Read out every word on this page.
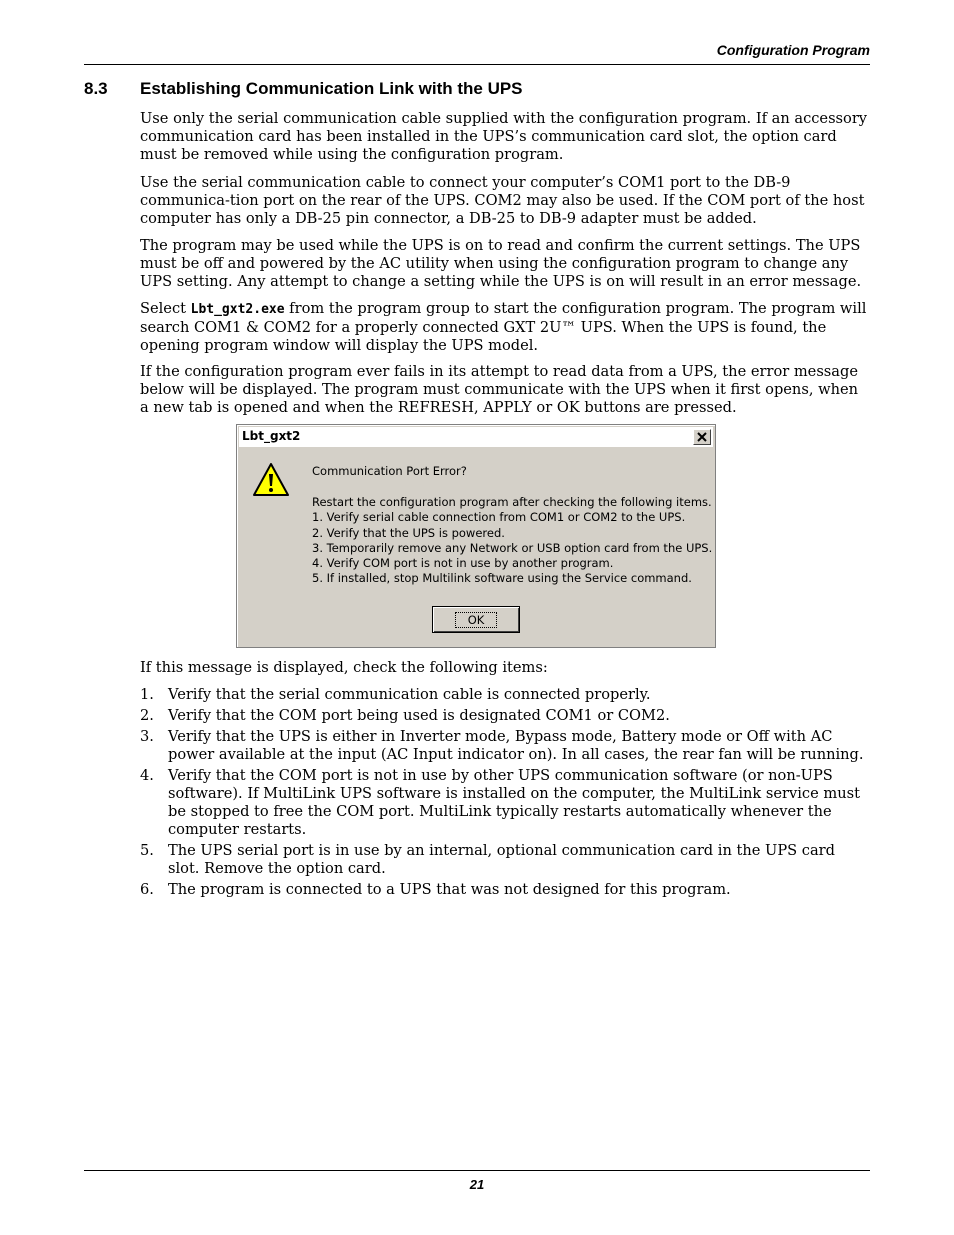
Configuration Program
8.3	Establishing Communication Link with the UPS

Use only the serial communication cable supplied with the configuration program. If an accessory communication card has been installed in the UPS’s communication card slot, the option card must be removed while using the configuration program.

Use the serial communication cable to connect your computer’s COM1 port to the DB-9 communica-tion port on the rear of the UPS. COM2 may also be used. If the COM port of the host computer has only a DB-25 pin connector, a DB-25 to DB-9 adapter must be added.

The program may be used while the UPS is on to read and confirm the current settings. The UPS must be off and powered by the AC utility when using the configuration program to change any UPS setting. Any attempt to change a setting while the UPS is on will result in an error message.

Select Lbt_gxt2.exe from the program group to start the configuration program. The program will search COM1 & COM2 for a properly connected GXT 2U™ UPS. When the UPS is found, the opening program window will display the UPS model.

If the configuration program ever fails in its attempt to read data from a UPS, the error message below will be displayed. The program must communicate with the UPS when it first opens, when a new tab is opened and when the REFRESH, APPLY or OK buttons are pressed.

Lbt_gxt2
Communication Port Error?
Restart the configuration program after checking the following items.
1. Verify serial cable connection from COM1 or COM2 to the UPS.
2. Verify that the UPS is powered.
3. Temporarily remove any Network or USB option card from the UPS.
4. Verify COM port is not in use by another program.
5. If installed, stop Multilink software using the Service command.
OK

If this message is displayed, check the following items:

1. Verify that the serial communication cable is connected properly.
2. Verify that the COM port being used is designated COM1 or COM2.
3. Verify that the UPS is either in Inverter mode, Bypass mode, Battery mode or Off with AC power available at the input (AC Input indicator on). In all cases, the rear fan will be running.
4. Verify that the COM port is not in use by other UPS communication software (or non-UPS software). If MultiLink UPS software is installed on the computer, the MultiLink service must be stopped to free the COM port. MultiLink typically restarts automatically whenever the computer restarts.
5. The UPS serial port is in use by an internal, optional communication card in the UPS card slot. Remove the option card.
6. The program is connected to a UPS that was not designed for this program.
21
